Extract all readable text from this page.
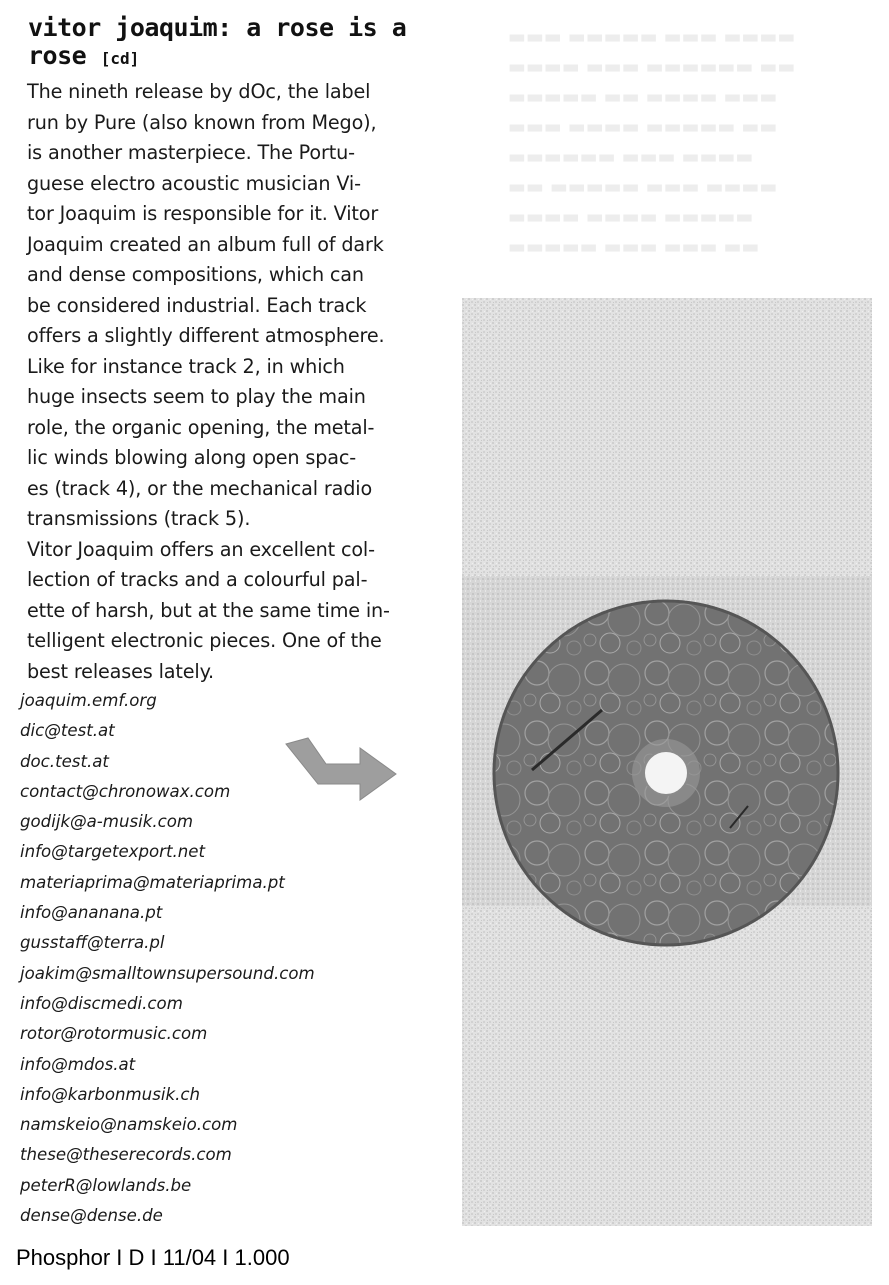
vitor joaquim: a rose is a rose [cd]

The nineth release by dOc, the label

run by Pure (also known from Mego),

is another masterpiece. The Portu-

guese electro acoustic musician Vi-

tor Joaquim is responsible for it. Vitor

Joaquim created an album full of dark

and dense compositions, which can

be considered industrial. Each track

offers a slightly different atmosphere.

Like for instance track 2, in which

huge insects seem to play the main

role, the organic opening, the metal-

lic winds blowing along open spac-

es (track 4), or the mechanical radio

transmissions (track 5).

Vitor Joaquim offers an excellent col-

lection of tracks and a colourful pal-

ette of harsh, but at the same time in-

telligent electronic pieces. One of the

best releases lately.

joaquim.emf.org
dic@test.at
doc.test.at
contact@chronowax.com
godijk@a-musik.com
info@targetexport.net
materiaprima@materiaprima.pt
info@ananana.pt
gusstaff@terra.pl
joakim@smalltownsupersound.com
info@discmedi.com
rotor@rotormusic.com
info@mdos.at
info@karbonmusik.ch
namskeio@namskeio.com
these@theserecords.com
peterR@lowlands.be
dense@dense.de
▬▬▬ ▬▬▬▬▬ ▬▬▬ ▬▬▬▬
▬▬▬▬ ▬▬▬ ▬▬▬▬▬▬ ▬▬
▬▬▬▬▬ ▬▬ ▬▬▬▬ ▬▬▬
▬▬▬ ▬▬▬▬ ▬▬▬▬▬ ▬▬
▬▬▬▬▬▬ ▬▬▬ ▬▬▬▬
▬▬ ▬▬▬▬▬ ▬▬▬ ▬▬▬▬
▬▬▬▬ ▬▬▬▬ ▬▬▬▬▬
▬▬▬▬▬ ▬▬▬ ▬▬▬ ▬▬
Phosphor I D I 11/04 I 1.000
